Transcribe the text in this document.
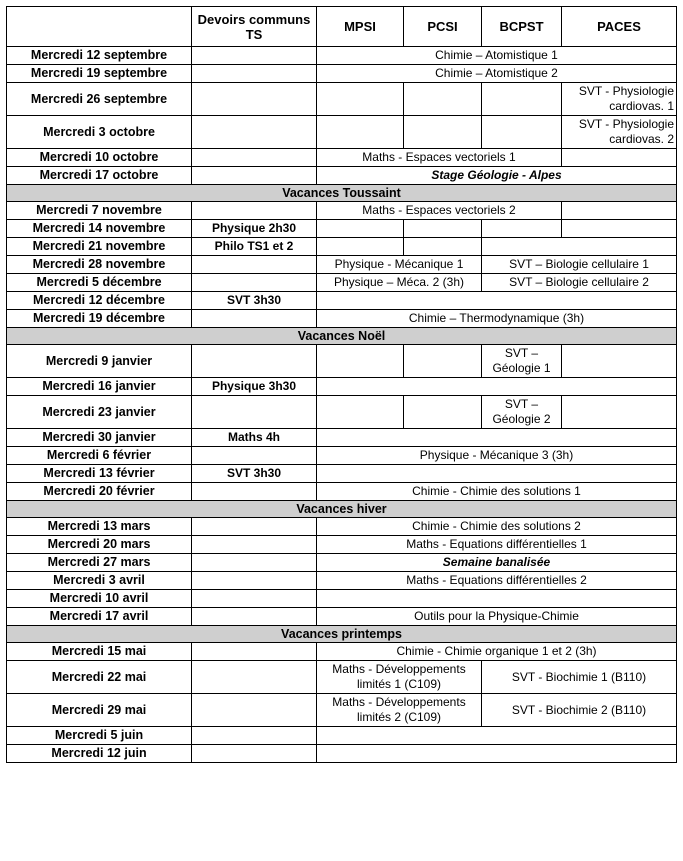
	Devoirs communs TS	MPSI	PCSI	BCPST	PACES
Mercredi 12 septembre		Chimie – Atomistique 1			
Mercredi 19 septembre		Chimie – Atomistique 2			
Mercredi 26 septembre					SVT - Physiologie cardiovas. 1
Mercredi 3 octobre					SVT - Physiologie cardiovas. 2
Mercredi 10 octobre		Maths - Espaces vectoriels 1			
Mercredi 17 octobre		Stage Géologie - Alpes			
Vacances Toussaint					
Mercredi 7 novembre		Maths - Espaces vectoriels 2			
Mercredi 14 novembre	Physique 2h30				
Mercredi 21 novembre	Philo TS1 et 2				
Mercredi 28 novembre		Physique - Mécanique 1		SVT – Biologie cellulaire 1	
Mercredi 5 décembre		Physique – Méca. 2 (3h)		SVT – Biologie cellulaire 2	
Mercredi 12 décembre	SVT 3h30				
Mercredi 19 décembre		Chimie – Thermodynamique (3h)			
Vacances Noël					
Mercredi 9 janvier				SVT – Géologie 1	
Mercredi 16 janvier	Physique 3h30				
Mercredi 23 janvier				SVT – Géologie 2	
Mercredi 30 janvier	Maths 4h				
Mercredi 6 février		Physique - Mécanique 3 (3h)			
Mercredi 13 février	SVT 3h30				
Mercredi 20 février		Chimie - Chimie des solutions 1			
Vacances hiver					
Mercredi 13 mars		Chimie - Chimie des solutions 2			
Mercredi 20 mars		Maths - Equations différentielles 1			
Mercredi 27 mars		Semaine banalisée			
Mercredi 3 avril		Maths - Equations différentielles 2			
Mercredi 10 avril					
Mercredi 17 avril		Outils pour la Physique-Chimie			
Vacances printemps					
Mercredi 15 mai		Chimie - Chimie organique 1 et 2 (3h)			
Mercredi 22 mai		Maths - Développements limités 1 (C109)		SVT - Biochimie 1 (B110)	
Mercredi 29 mai		Maths - Développements limités 2 (C109)		SVT - Biochimie 2 (B110)	
Mercredi 5 juin					
Mercredi 12 juin					
